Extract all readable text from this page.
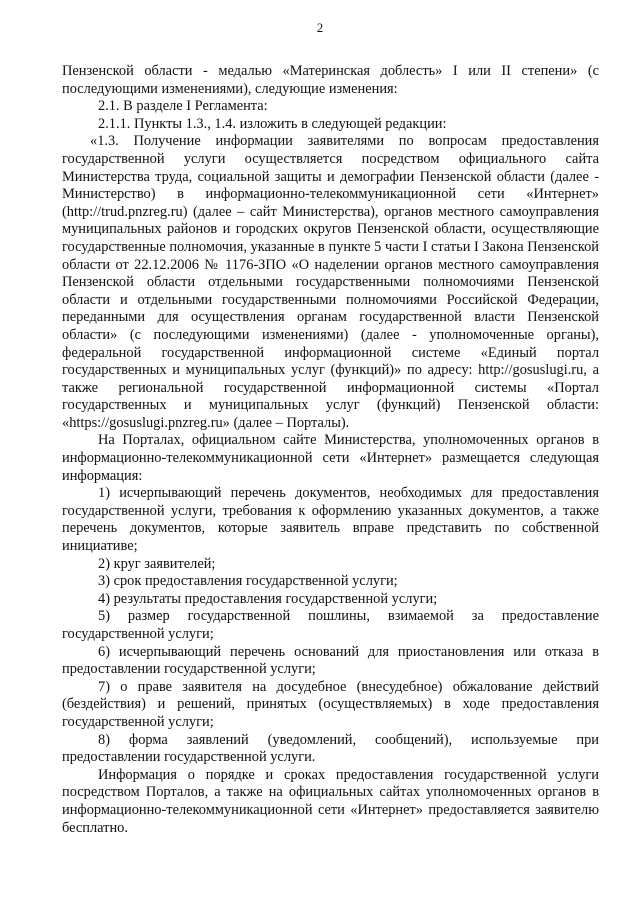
2

Пензенской области - медалью «Материнская доблесть» I или II степени» (с последующими изменениями), следующие изменения:

2.1. В разделе I Регламента:

2.1.1. Пункты 1.3., 1.4. изложить в следующей редакции:

«1.3. Получение информации заявителями по вопросам предоставления государственной услуги осуществляется посредством официального сайта Министерства труда, социальной защиты и демографии Пензенской области (далее - Министерство) в информационно-телекоммуникационной сети «Интернет» (http://trud.pnzreg.ru) (далее – сайт Министерства), органов местного самоуправления муниципальных районов и городских округов Пензенской области, осуществляющие государственные полномочия, указанные в пункте 5 части I статьи I Закона Пензенской области от 22.12.2006 № 1176-ЗПО «О наделении органов местного самоуправления Пензенской области отдельными государственными полномочиями Пензенской области и отдельными государственными полномочиями Российской Федерации, переданными для осуществления органам государственной власти Пензенской области» (с последующими изменениями) (далее - уполномоченные органы), федеральной государственной информационной системе «Единый портал государственных и муниципальных услуг (функций)» по адресу: http://gosuslugi.ru, а также региональной государственной информационной системы «Портал государственных и муниципальных услуг (функций) Пензенской области: «https://gosuslugi.pnzreg.ru» (далее – Порталы).

На Порталах, официальном сайте Министерства, уполномоченных органов в информационно-телекоммуникационной сети «Интернет» размещается следующая информация:

1) исчерпывающий перечень документов, необходимых для предоставления государственной услуги, требования к оформлению указанных документов, а также перечень документов, которые заявитель вправе представить по собственной инициативе;

2) круг заявителей;

3) срок предоставления государственной услуги;

4) результаты предоставления государственной услуги;

5) размер государственной пошлины, взимаемой за предоставление государственной услуги;

6) исчерпывающий перечень оснований для приостановления или отказа в предоставлении государственной услуги;

7) о праве заявителя на досудебное (внесудебное) обжалование действий (бездействия) и решений, принятых (осуществляемых) в ходе предоставления государственной услуги;

8) форма заявлений (уведомлений, сообщений), используемые при предоставлении государственной услуги.

Информация о порядке и сроках предоставления государственной услуги посредством Порталов, а также на официальных сайтах уполномоченных органов в информационно-телекоммуникационной сети «Интернет» предоставляется заявителю бесплатно.
